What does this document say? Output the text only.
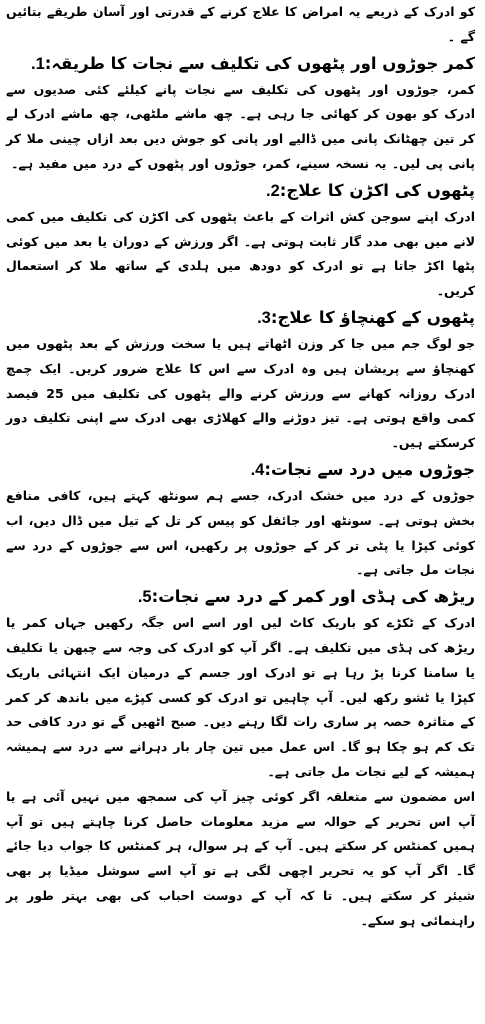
کو ادرک کے ذریعے یہ امراض کا علاج کرنے کے قدرتی اور آسان طریقے بتائیں گے ۔

کمر جوڑوں اور پٹھوں کی تکلیف سے نجات کا طریقہ:1.

کمر، جوڑوں اور پٹھوں کی تکلیف سے نجات پانے کیلئے کئی صدیوں سے ادرک کو بھون کر کھائی جا رہی ہے۔ چھ ماشے ملٹھی، چھ ماشے ادرک لے کر تین چھٹانک پانی میں ڈالیے اور پانی کو جوش دیں بعد ازاں چینی ملا کر پانی پی لیں۔ یہ نسخہ سینے، کمر، جوڑوں اور پٹھوں کے درد میں مفید ہے۔

پٹھوں کی اکڑن کا علاج:2.

ادرک اپنے سوجن کش اثرات کے باعث پٹھوں کی اکڑن کی تکلیف میں کمی لانے میں بھی مدد گار ثابت ہوتی ہے۔ اگر ورزش کے دوران یا بعد میں کوئی پٹھا اکڑ جاتا ہے تو ادرک کو دودھ میں ہلدی کے ساتھ ملا کر استعمال کریں۔

پٹھوں کے کھنچاؤ کا علاج:3.

جو لوگ جم میں جا کر وزن اٹھاتے ہیں یا سخت ورزش کے بعد پٹھوں میں کھنچاؤ سے پریشان ہیں وہ ادرک سے اس کا علاج ضرور کریں۔ ایک چمچ ادرک روزانہ کھانے سے ورزش کرنے والے پٹھوں کی تکلیف میں 25 فیصد کمی واقع ہوتی ہے۔ تیز دوڑنے والے کھلاڑی بھی ادرک سے اپنی تکلیف دور کرسکتے ہیں۔

جوڑوں میں درد سے نجات:4.

جوڑوں کے درد میں خشک ادرک، جسے ہم سونٹھ کہتے ہیں، کافی منافع بخش ہوتی ہے۔ سونٹھ اور جائفل کو پیس کر تل کے تیل میں ڈال دیں، اب کوئی کپڑا یا پٹی تر کر کے جوڑوں پر رکھیں، اس سے جوڑوں کے درد سے نجات مل جاتی ہے۔

ریڑھ کی ہڈی اور کمر کے درد سے نجات:5.

ادرک کے ٹکڑے کو باریک کاٹ لیں اور اسے اس جگہ رکھیں جہاں کمر یا ریڑھ کی ہڈی میں تکلیف ہے۔ اگر آپ کو ادرک کی وجہ سے چبھن یا تکلیف یا سامنا کرنا پڑ رہا ہے تو ادرک اور جسم کے درمیان ایک انتہائی باریک کپڑا یا ٹشو رکھ لیں۔ آپ چاہیں تو ادرک کو کسی کپڑے میں باندھ کر کمر کے متاثرہ حصہ پر ساری رات لگا رہنے دیں۔ صبح اٹھیں گے تو درد کافی حد تک کم ہو چکا ہو گا۔ اس عمل میں تین چار بار دہرانے سے درد سے ہمیشہ ہمیشہ کے لیے نجات مل جاتی ہے۔

اس مضمون سے متعلقہ اگر کوئی چیز آپ کی سمجھ میں نہیں آئی ہے یا آپ اس تحریر کے حوالہ سے مزید معلومات حاصل کرنا چاہتے ہیں تو آپ ہمیں کمنٹس کر سکتے ہیں۔ آپ کے ہر سوال، ہر کمنٹس کا جواب دیا جائے گا۔ اگر آپ کو یہ تحریر اچھی لگی ہے تو آپ اسے سوشل میڈیا پر بھی شیئر کر سکتے ہیں۔ تا کہ آپ کے دوست احباب کی بھی بہتر طور پر راہنمائی ہو سکے۔
